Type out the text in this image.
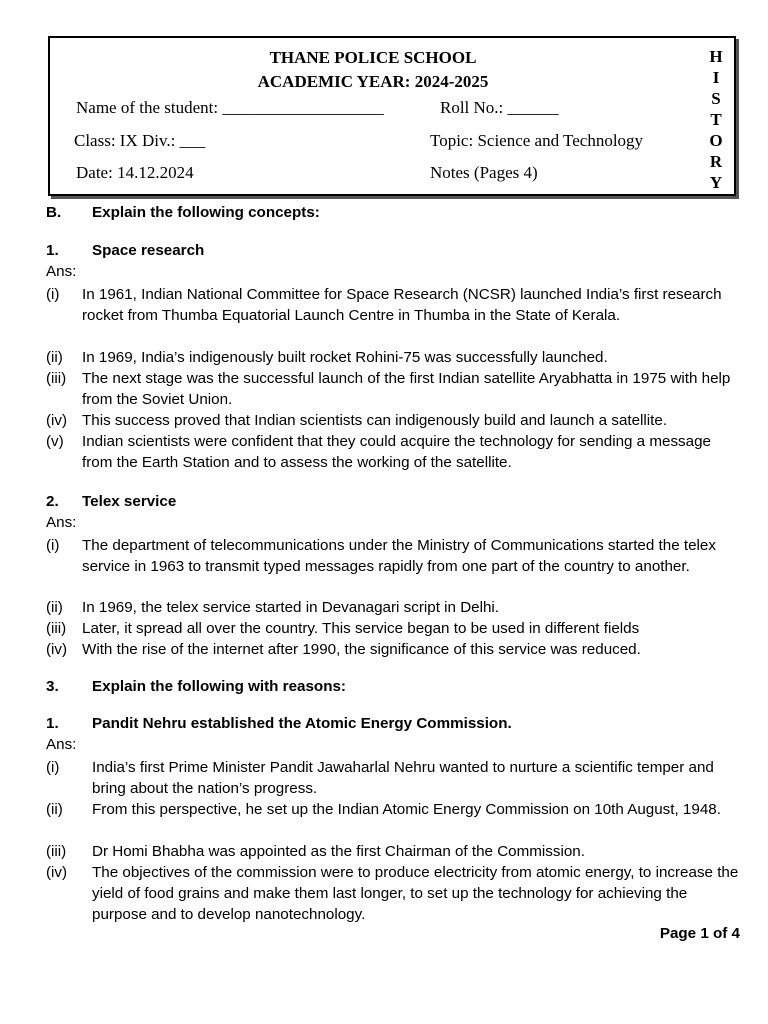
THANE POLICE SCHOOL
ACADEMIC YEAR: 2024-2025
Name of the student: ___________________	Roll No.: ______
Class: IX Div.: ___	Topic: Science and Technology
Date: 14.12.2024	Notes (Pages 4)
H
I
S
T
O
R
Y
B. Explain the following concepts:
1. Space research
Ans:
(i) In 1961, Indian National Committee for Space Research (NCSR) launched India’s first research rocket from Thumba Equatorial Launch Centre in Thumba in the State of Kerala.
(ii) In 1969, India’s indigenously built rocket Rohini-75 was successfully launched.
(iii) The next stage was the successful launch of the first Indian satellite Aryabhatta in 1975 with help from the Soviet Union.
(iv) This success proved that Indian scientists can indigenously build and launch a satellite.
(v) Indian scientists were confident that they could acquire the technology for sending a message from the Earth Station and to assess the working of the satellite.
2. Telex service
Ans:
(i) The department of telecommunications under the Ministry of Communications started the telex service in 1963 to transmit typed messages rapidly from one part of the country to another.
(ii) In 1969, the telex service started in Devanagari script in Delhi.
(iii) Later, it spread all over the country. This service began to be used in different fields
(iv) With the rise of the internet after 1990, the significance of this service was reduced.
3. Explain the following with reasons:
1. Pandit Nehru established the Atomic Energy Commission.
Ans:
(i) India’s first Prime Minister Pandit Jawaharlal Nehru wanted to nurture a scientific temper and bring about the nation’s progress.
(ii) From this perspective, he set up the Indian Atomic Energy Commission on 10th August, 1948.
(iii) Dr Homi Bhabha was appointed as the first Chairman of the Commission.
(iv) The objectives of the commission were to produce electricity from atomic energy, to increase the yield of food grains and make them last longer, to set up the technology for achieving the purpose and to develop nanotechnology.
Page 1 of 4
